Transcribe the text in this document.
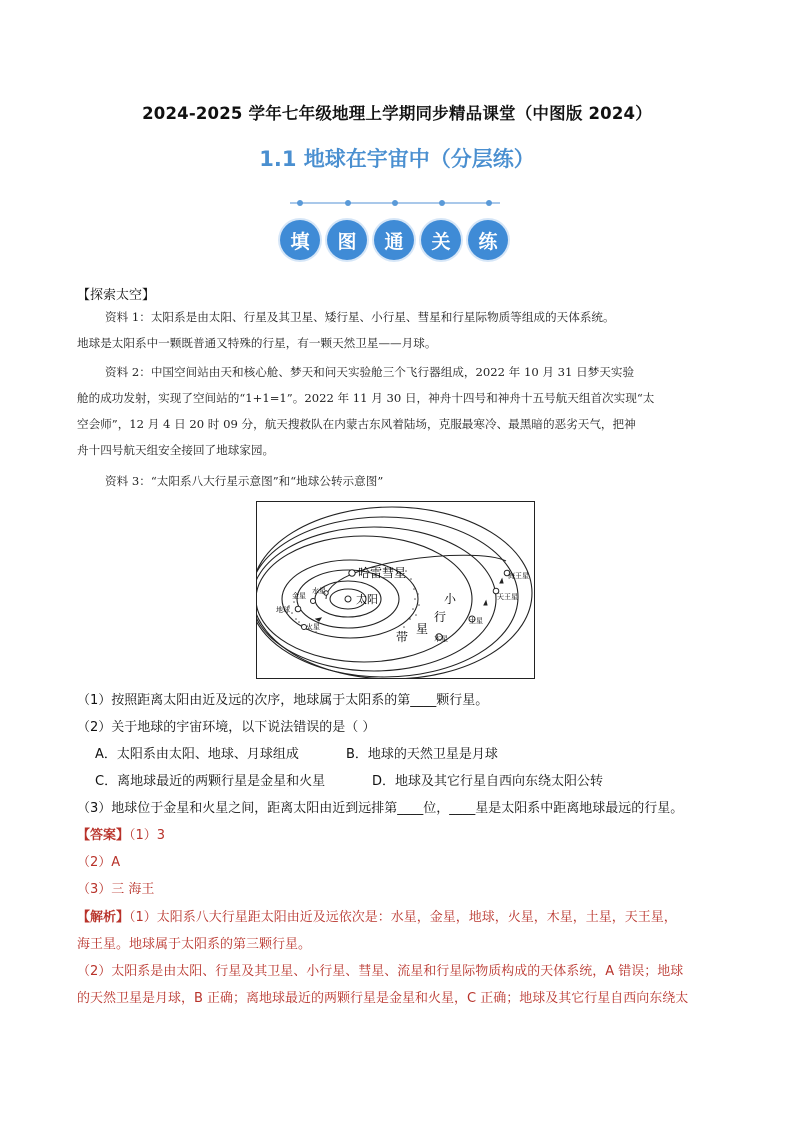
2024-2025 学年七年级地理上学期同步精品课堂（中图版 2024）
1.1 地球在宇宙中（分层练）
填	图	通	关	练
【探索太空】
资料 1：太阳系是由太阳、行星及其卫星、矮行星、小行星、彗星和行星际物质等组成的天体系统。
地球是太阳系中一颗既普通又特殊的行星，有一颗天然卫星——月球。
资料 2：中国空间站由天和核心舱、梦天和问天实验舱三个飞行器组成，2022 年 10 月 31 日梦天实验
舱的成功发射，实现了空间站的“1+1=1”。2022 年 11 月 30 日，神舟十四号和神舟十五号航天组首次实现“太
空会师”，12 月 4 日 20 时 09 分，航天搜救队在内蒙古东风着陆场，克服最寒冷、最黑暗的恶劣天气，把神
舟十四号航天组安全接回了地球家园。
资料 3：“太阳系八大行星示意图”和“地球公转示意图”
太阳
哈雷彗星
水星
金星
地球
火星
木星
土星
天王星
海王星
小
行
带
星
（1）按照距离太阳由近及远的次序，地球属于太阳系的第____颗行星。
（2）关于地球的宇宙环境，以下说法错误的是（ ）
A．太阳系由太阳、地球、月球组成	B．地球的天然卫星是月球
C．离地球最近的两颗行星是金星和火星	D．地球及其它行星自西向东绕太阳公转
（3）地球位于金星和火星之间，距离太阳由近到远排第____位，____星是太阳系中距离地球最远的行星。
【答案】（1）3
（2）A
（3）三 海王
【解析】（1）太阳系八大行星距太阳由近及远依次是：水星，金星，地球，火星，木星，土星，天王星，
海王星。地球属于太阳系的第三颗行星。
（2）太阳系是由太阳、行星及其卫星、小行星、彗星、流星和行星际物质构成的天体系统，A 错误；地球
的天然卫星是月球，B 正确；离地球最近的两颗行星是金星和火星，C 正确；地球及其它行星自西向东绕太
